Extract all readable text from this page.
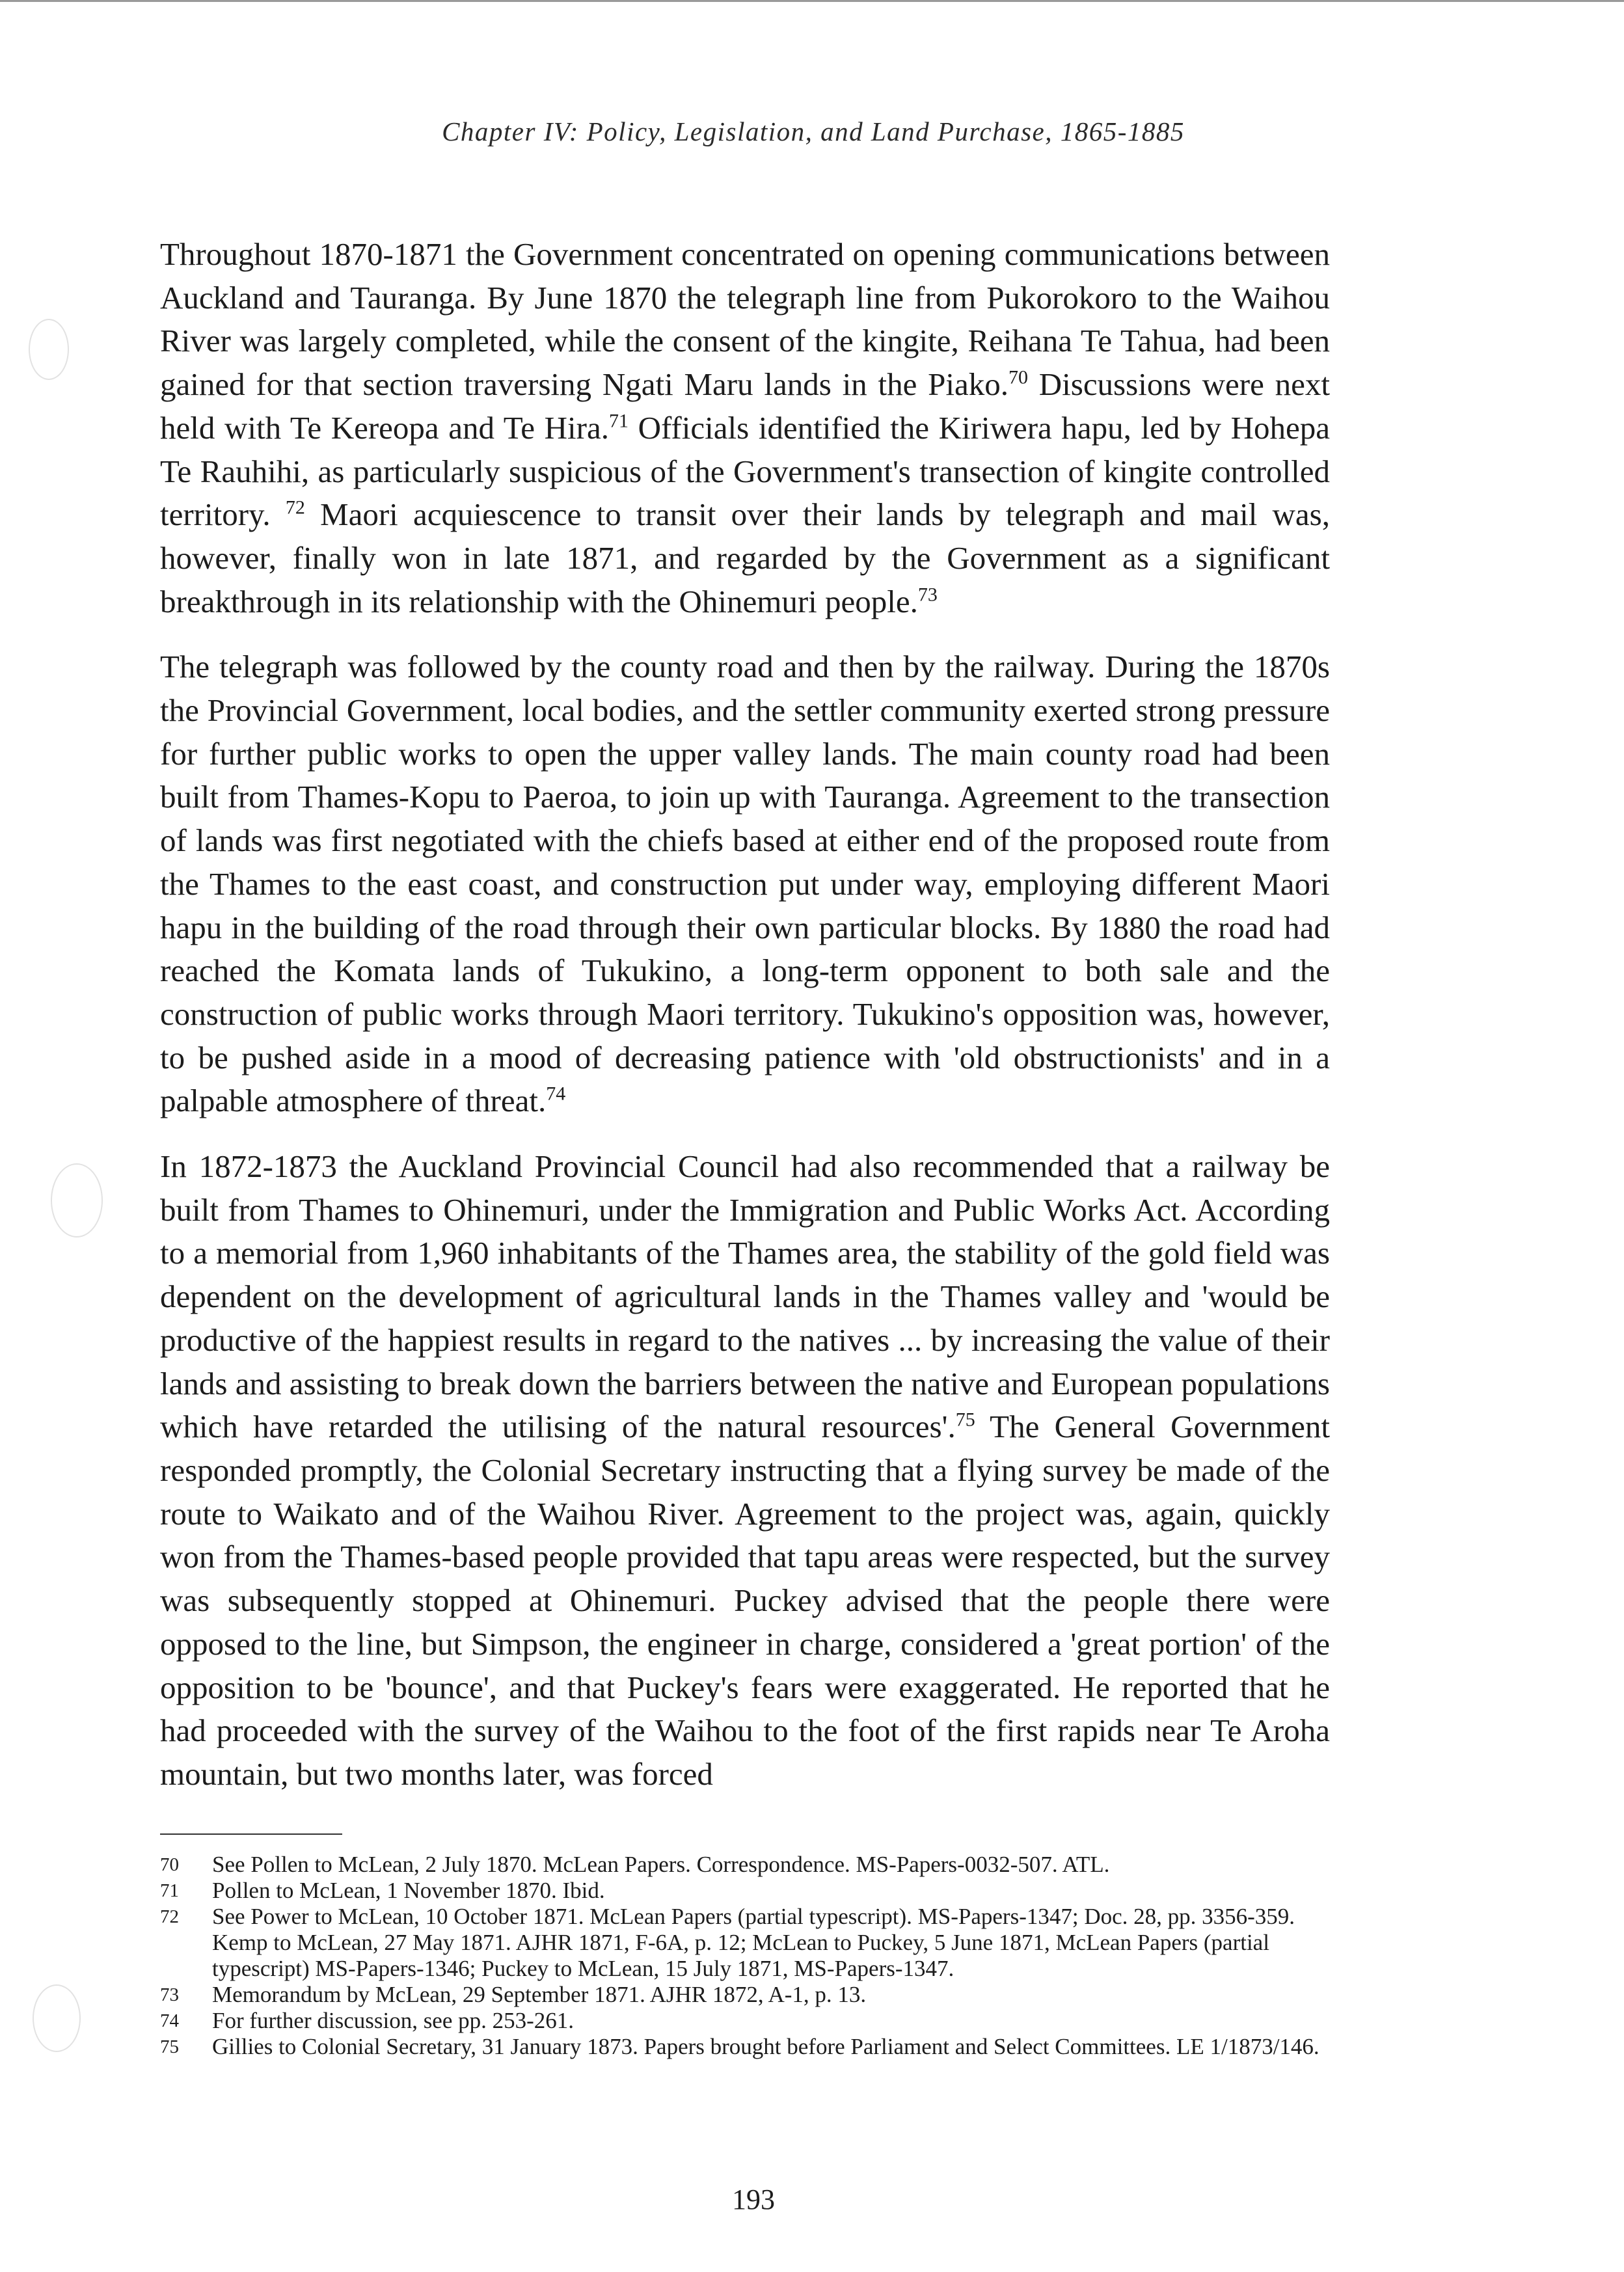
Chapter IV: Policy, Legislation, and Land Purchase, 1865-1885

Throughout 1870-1871 the Government concentrated on opening communications between Auckland and Tauranga. By June 1870 the telegraph line from Pukorokoro to the Waihou River was largely completed, while the consent of the kingite, Reihana Te Tahua, had been gained for that section traversing Ngati Maru lands in the Piako.$^{70}$ Discussions were next held with Te Kereopa and Te Hira.$^{71}$ Officials identified the Kiriwera hapu, led by Hohepa Te Rauhihi, as particularly suspicious of the Government's transection of kingite controlled territory. $^{72}$ Maori acquiescence to transit over their lands by telegraph and mail was, however, finally won in late 1871, and regarded by the Government as a significant breakthrough in its relationship with the Ohinemuri people.$^{73}$

The telegraph was followed by the county road and then by the railway. During the 1870s the Provincial Government, local bodies, and the settler community exerted strong pressure for further public works to open the upper valley lands. The main county road had been built from Thames-Kopu to Paeroa, to join up with Tauranga. Agreement to the transection of lands was first negotiated with the chiefs based at either end of the proposed route from the Thames to the east coast, and construction put under way, employing different Maori hapu in the building of the road through their own particular blocks. By 1880 the road had reached the Komata lands of Tukukino, a long-term opponent to both sale and the construction of public works through Maori territory. Tukukino's opposition was, however, to be pushed aside in a mood of decreasing patience with 'old obstructionists' and in a palpable atmosphere of threat.$^{74}$

In 1872-1873 the Auckland Provincial Council had also recommended that a railway be built from Thames to Ohinemuri, under the Immigration and Public Works Act. According to a memorial from 1,960 inhabitants of the Thames area, the stability of the gold field was dependent on the development of agricultural lands in the Thames valley and 'would be productive of the happiest results in regard to the natives ... by increasing the value of their lands and assisting to break down the barriers between the native and European populations which have retarded the utilising of the natural resources'.$^{75}$ The General Government responded promptly, the Colonial Secretary instructing that a flying survey be made of the route to Waikato and of the Waihou River. Agreement to the project was, again, quickly won from the Thames-based people provided that tapu areas were respected, but the survey was subsequently stopped at Ohinemuri. Puckey advised that the people there were opposed to the line, but Simpson, the engineer in charge, considered a 'great portion' of the opposition to be 'bounce', and that Puckey's fears were exaggerated. He reported that he had proceeded with the survey of the Waihou to the foot of the first rapids near Te Aroha mountain, but two months later, was forced

70	See Pollen to McLean, 2 July 1870. McLean Papers. Correspondence. MS-Papers-0032-507. ATL.
71	Pollen to McLean, 1 November 1870. Ibid.
72	See Power to McLean, 10 October 1871. McLean Papers (partial typescript). MS-Papers-1347; Doc. 28, pp. 3356-359. Kemp to McLean, 27 May 1871. AJHR 1871, F-6A, p. 12; McLean to Puckey, 5 June 1871, McLean Papers (partial typescript) MS-Papers-1346; Puckey to McLean, 15 July 1871, MS-Papers-1347.
73	Memorandum by McLean, 29 September 1871. AJHR 1872, A-1, p. 13.
74	For further discussion, see pp. 253-261.
75	Gillies to Colonial Secretary, 31 January 1873. Papers brought before Parliament and Select Committees. LE 1/1873/146.
193
